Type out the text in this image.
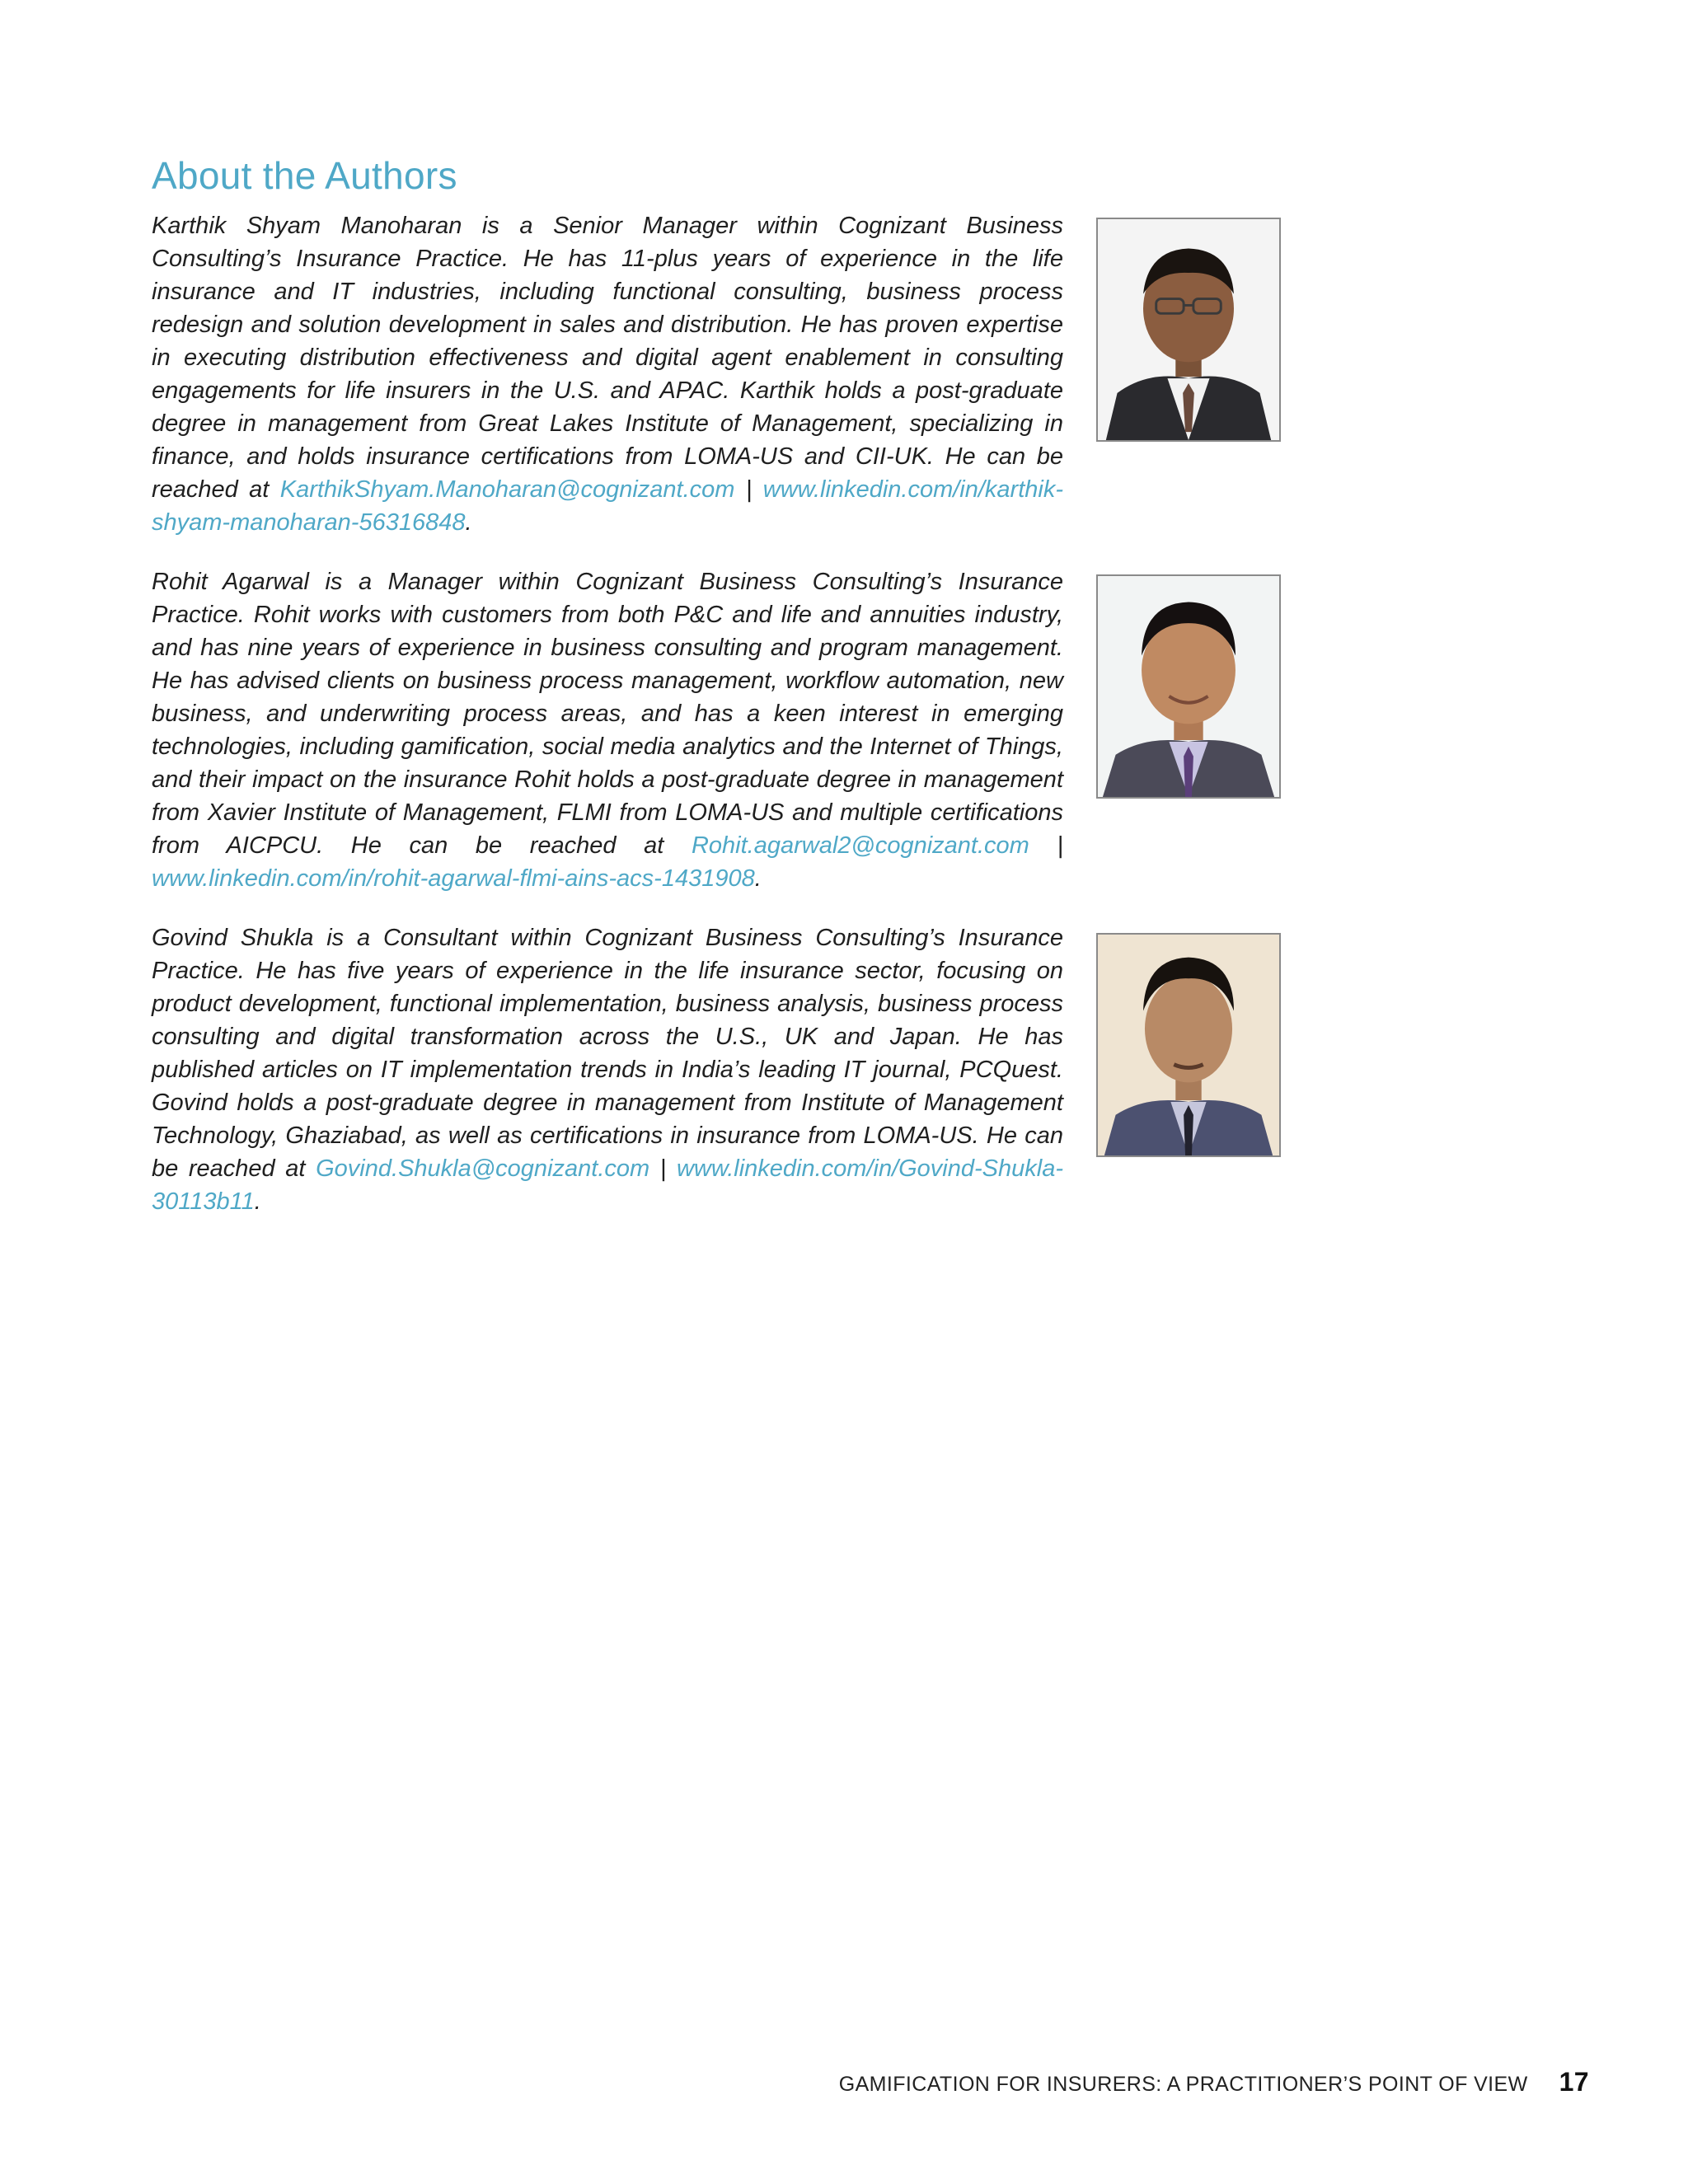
About the Authors

Karthik Shyam Manoharan is a Senior Manager within Cognizant Business Consulting’s Insurance Practice. He has 11-plus years of experience in the life insurance and IT industries, including functional consulting, business process redesign and solution development in sales and distribution. He has proven expertise in executing distribution effectiveness and digital agent enablement in consulting engagements for life insurers in the U.S. and APAC. Karthik holds a post-graduate degree in management from Great Lakes Institute of Management, specializing in finance, and holds insurance certifications from LOMA-US and CII-UK. He can be reached at KarthikShyam.Manoharan@cognizant.com | www.linkedin.com/in/karthik-shyam-manoharan-56316848.

Rohit Agarwal is a Manager within Cognizant Business Consulting’s Insurance Practice. Rohit works with customers from both P&C and life and annuities industry, and has nine years of experience in business consulting and program management. He has advised clients on business process management, workflow automation, new business, and underwriting process areas, and has a keen interest in emerging technologies, including gamification, social media analytics and the Internet of Things, and their impact on the insurance Rohit holds a post-graduate degree in management from Xavier Institute of Management, FLMI from LOMA-US and multiple certifications from AICPCU. He can be reached at Rohit.agarwal2@cognizant.com | www.linkedin.com/in/rohit-agarwal-flmi-ains-acs-1431908.

Govind Shukla is a Consultant within Cognizant Business Consulting’s Insurance Practice. He has five years of experience in the life insurance sector, focusing on product development, functional implementation, business analysis, business process consulting and digital transformation across the U.S., UK and Japan. He has published articles on IT implementation trends in India’s leading IT journal, PCQuest. Govind holds a post-graduate degree in management from Institute of Management Technology, Ghaziabad, as well as certifications in insurance from LOMA-US. He can be reached at Govind.Shukla@cognizant.com | www.linkedin.com/in/Govind-Shukla-30113b11.

GAMIFICATION FOR INSURERS: A PRACTITIONER’S POINT OF VIEW 17
